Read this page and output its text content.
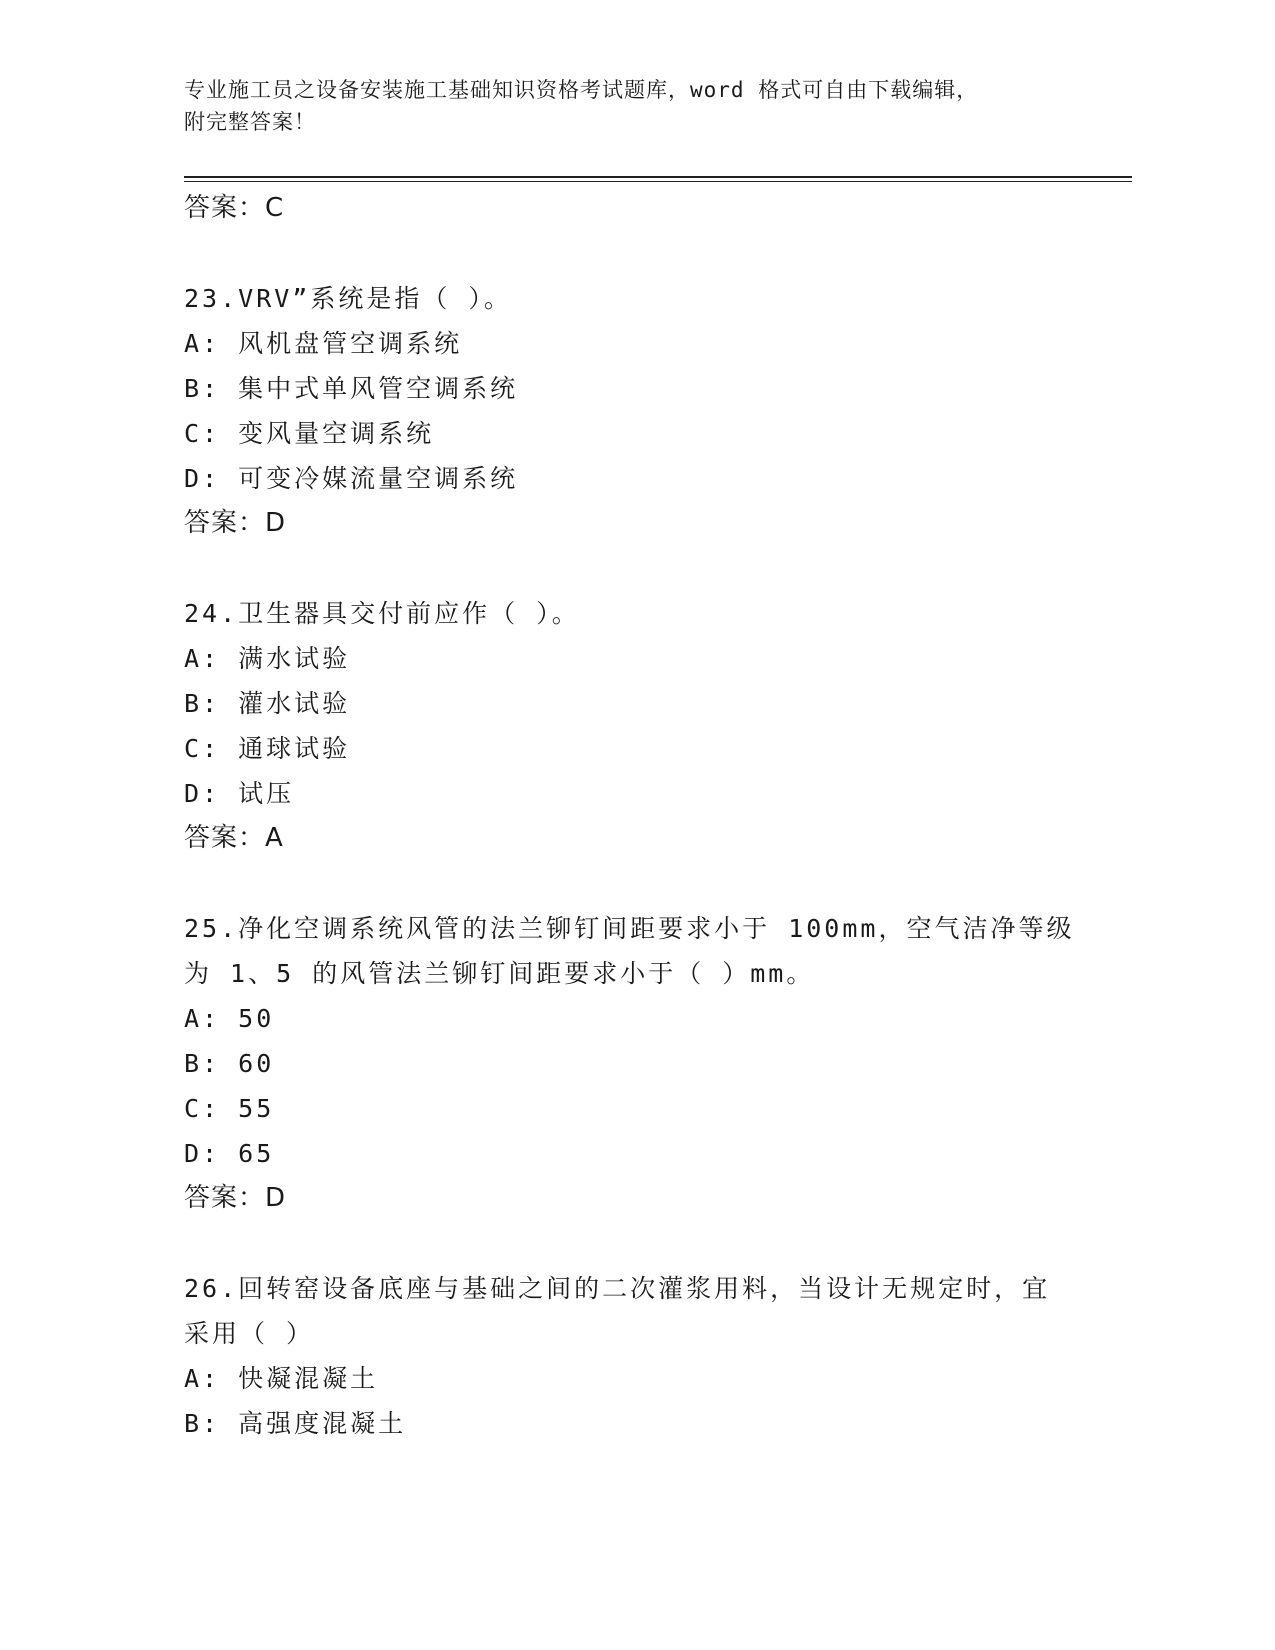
专业施工员之设备安装施工基础知识资格考试题库，word 格式可自由下载编辑，
附完整答案！
答案：C
23.VRV”系统是指（ ）。
A: 风机盘管空调系统
B: 集中式单风管空调系统
C: 变风量空调系统
D: 可变冷媒流量空调系统
答案：D
24.卫生器具交付前应作（ ）。
A: 满水试验
B: 灌水试验
C: 通球试验
D: 试压
答案：A
25.净化空调系统风管的法兰铆钉间距要求小于 100mm，空气洁净等级
为 1、5 的风管法兰铆钉间距要求小于（ ）mm。
A: 50
B: 60
C: 55
D: 65
答案：D
26.回转窑设备底座与基础之间的二次灌浆用料，当设计无规定时，宜
采用（ ）
A: 快凝混凝土
B: 高强度混凝土
